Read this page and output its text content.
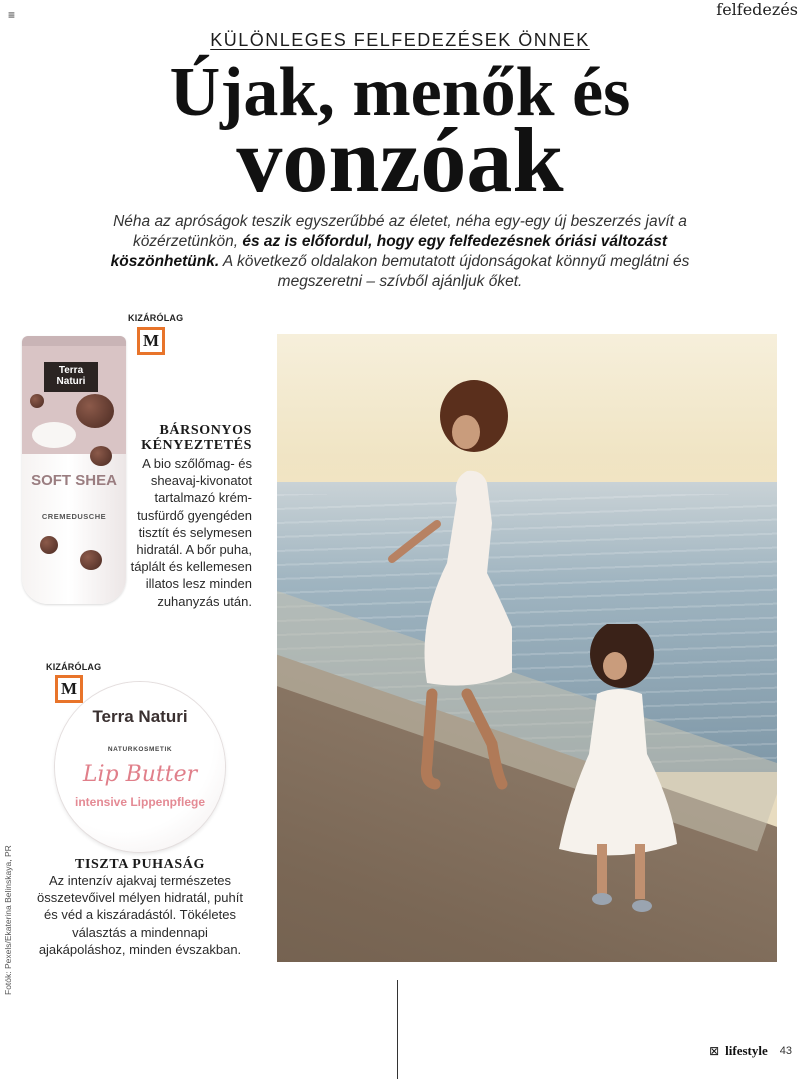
≡	felfedezés
KÜLÖNLEGES FELFEDEZÉSEK ÖNNEK
Újak, menők és
vonzóak
Néha az apróságok teszik egyszerűbbé az életet, néha egy-egy új beszerzés javít a közérzetünkön, és az is előfordul, hogy egy felfedezésnek óriási változást köszönhetünk. A következő oldalakon bemutatott újdonságokat könnyű meglátni és megszeretni – szívből ajánljuk őket.
KIZÁRÓLAG
M
Terra Naturi
SOFT SHEA
CREMEDUSCHE
BÁRSONYOS
KÉNYEZTETÉS
A bio szőlőmag- és sheavaj-kivonatot tartalmazó krém-tusfürdő gyengéden tisztít és selymesen hidratál. A bőr puha, táplált és kellemesen illatos lesz minden zuhanyzás után.
KIZÁRÓLAG
M
Terra Naturi
NATURKOSMETIK
Lip Butter
intensive Lippenpflege
TISZTA PUHASÁG
Az intenzív ajakvaj természetes összetevőivel mélyen hidratál, puhít és véd a kiszáradástól. Tökéletes választás a mindennapi ajakápoláshoz, minden évszakban.
Fotók: Pexels/Ekaterina Belinskaya, PR
⊠ lifestyle 43
